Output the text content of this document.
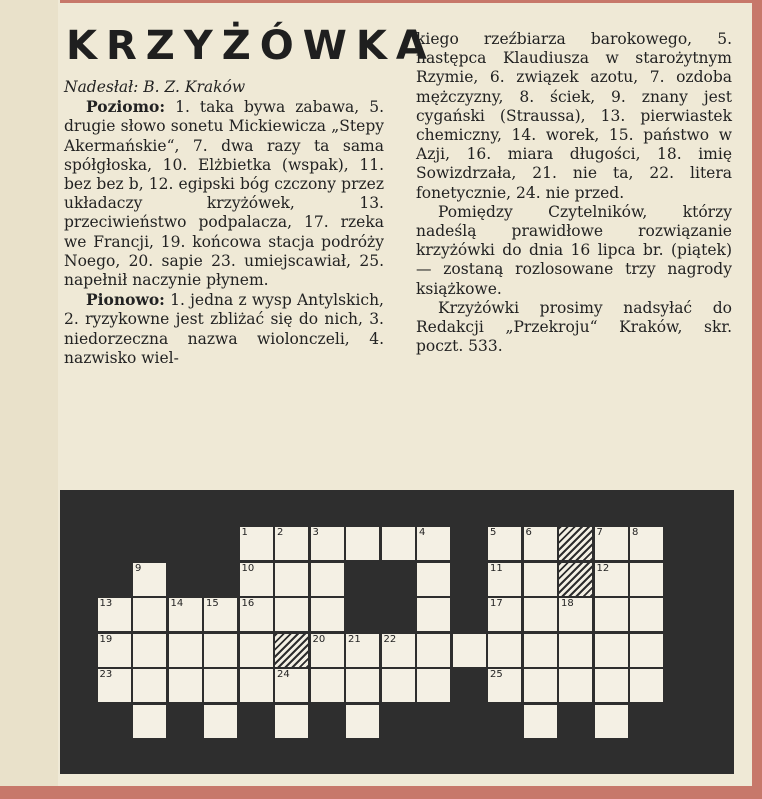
KRZYŻÓWKA
Nadesłał: B. Z. Kraków
Poziomo: 1. taka bywa zabawa, 5. drugie słowo sonetu Mickiewicza „Stepy Akermańskie“, 7. dwa razy ta sama spółgłoska, 10. Elżbietka (wspak), 11. bez bez b, 12. egipski bóg czczony przez układaczy krzyżówek, 13. przeciwieństwo podpalacza, 17. rzeka we Francji, 19. końcowa stacja podróży Noego, 20. sapie 23. umiejscawiał, 25. napełnił naczynie płynem.
Pionowo: 1. jedna z wysp Antylskich, 2. ryzykowne jest zbliżać się do nich, 3. niedorzeczna nazwa wiolonczeli, 4. nazwisko wiel-
kiego rzeźbiarza barokowego, 5. następca Klaudiusza w starożytnym Rzymie, 6. związek azotu, 7. ozdoba mężczyzny, 8. ściek, 9. znany jest cygański (Straussa), 13. pierwiastek chemiczny, 14. worek, 15. państwo w Azji, 16. miara długości, 18. imię Sowizdrzała, 21. nie ta, 22. litera fonetycznie, 24. nie przed.
Pomiędzy Czytelników, którzy nadeślą prawidłowe rozwiązanie krzyżówki do dnia 16 lipca br. (piątek) — zostaną rozlosowane trzy nagrody książkowe.
Krzyżówki prosimy nadsyłać do Redakcji „Przekroju“ Kraków, skr. poczt. 533.
1	2	3	4	5	6	7	8
9	10	11	12
13	14 15 16	17	18
19	20 21 22
23	24	25
